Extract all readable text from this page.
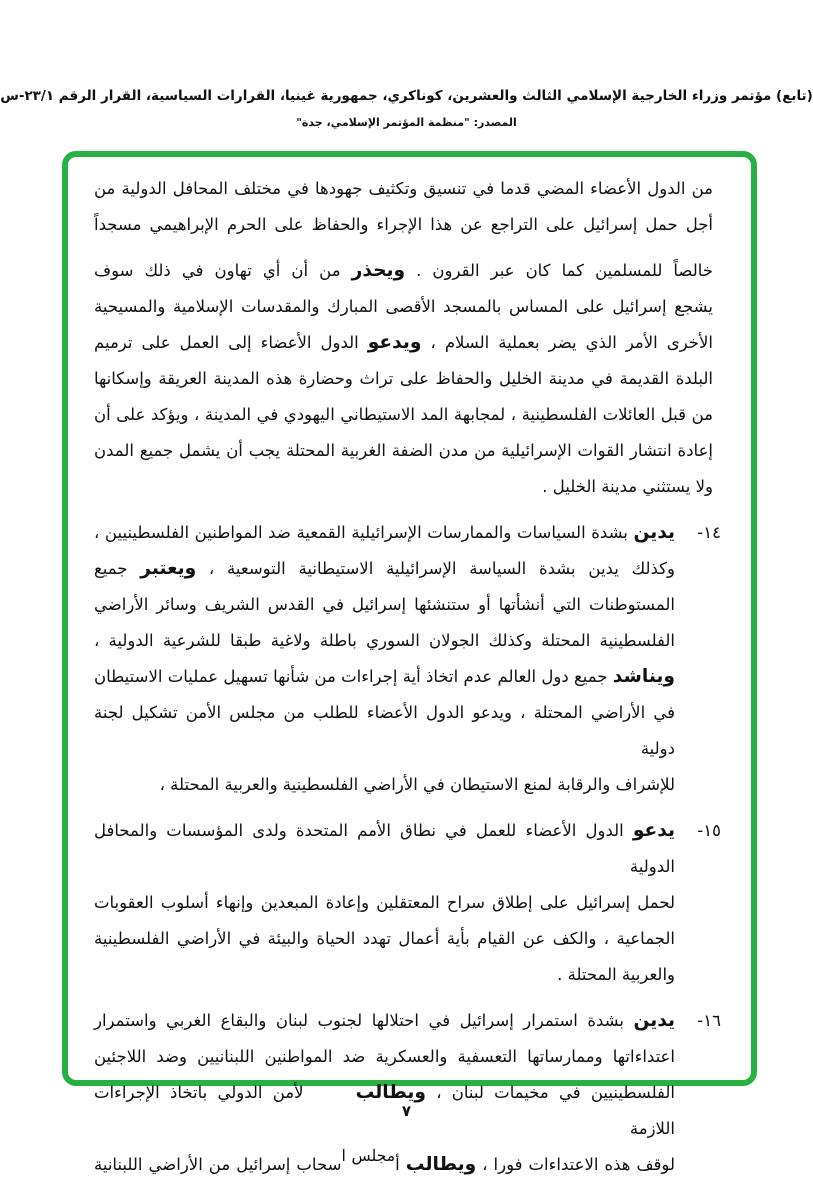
(تابع) مؤتمر وزراء الخارجية الإسلامي الثالث والعشرين، كوناكري، جمهورية غينيا، القرارات السياسية، القرار الرقم ٢٣/١-س
المصدر: "منظمة المؤتمر الإسلامي، جدة"
من الدول الأعضاء المضي قدما في تنسيق وتكثيف جهودها في مختلف المحافل الدولية من
أجل حمل إسرائيل على التراجع عن هذا الإجراء والحفاظ على الحرم الإبراهيمي مسجداً
خالصاً للمسلمين كما كان عبر القرون . ويحذر من أن أي تهاون في ذلك سوف
يشجع إسرائيل على المساس بالمسجد الأقصى المبارك والمقدسات الإسلامية والمسيحية
الأخرى الأمر الذي يضر بعملية السلام ، ويدعو الدول الأعضاء إلى العمل على ترميم
البلدة القديمة في مدينة الخليل والحفاظ على تراث وحضارة هذه المدينة العريقة وإسكانها
من قبل العائلات الفلسطينية ، لمجابهة المد الاستيطاني اليهودي في المدينة ، ويؤكد على أن
إعادة انتشار القوات الإسرائيلية من مدن الضفة الغربية المحتلة يجب أن يشمل جميع المدن
ولا يستثني مدينة الخليل .
١٤-
يدين بشدة السياسات والممارسات الإسرائيلية القمعية ضد المواطنين الفلسطينيين ،
وكذلك يدين بشدة السياسة الإسرائيلية الاستيطانية التوسعية ، ويعتبر جميع
المستوطنات التي أنشأتها أو ستنشئها إسرائيل في القدس الشريف وسائر الأراضي
الفلسطينية المحتلة وكذلك الجولان السوري باطلة ولاغية طبقا للشرعية الدولية ،
ويناشد جميع دول العالم عدم اتخاذ أية إجراءات من شأنها تسهيل عمليات الاستيطان
في الأراضي المحتلة ، ويدعو الدول الأعضاء للطلب من مجلس الأمن تشكيل لجنة دولية
للإشراف والرقابة لمنع الاستيطان في الأراضي الفلسطينية والعربية المحتلة ،
١٥-
يدعو الدول الأعضاء للعمل في نطاق الأمم المتحدة ولدى المؤسسات والمحافل الدولية
لحمل إسرائيل على إطلاق سراح المعتقلين وإعادة المبعدين وإنهاء أسلوب العقوبات
الجماعية ، والكف عن القيام بأية أعمال تهدد الحياة والبيئة في الأراضي الفلسطينية
والعربية المحتلة .
١٦-
يدين بشدة استمرار إسرائيل في احتلالها لجنوب لبنان والبقاع الغربي واستمرار
اعتداءاتها وممارساتها التعسفية والعسكرية ضد المواطنين اللبنانيين وضد اللاجئين
الفلسطينيين في مخيمات لبنان ، ويطالبلأمن الدولي باتخاذ الإجراءات اللازمة
لوقف هذه الاعتداءات فورا ، ويطالب أمجلس اسحاب إسرائيل من الأراضي اللبنانية
٧
